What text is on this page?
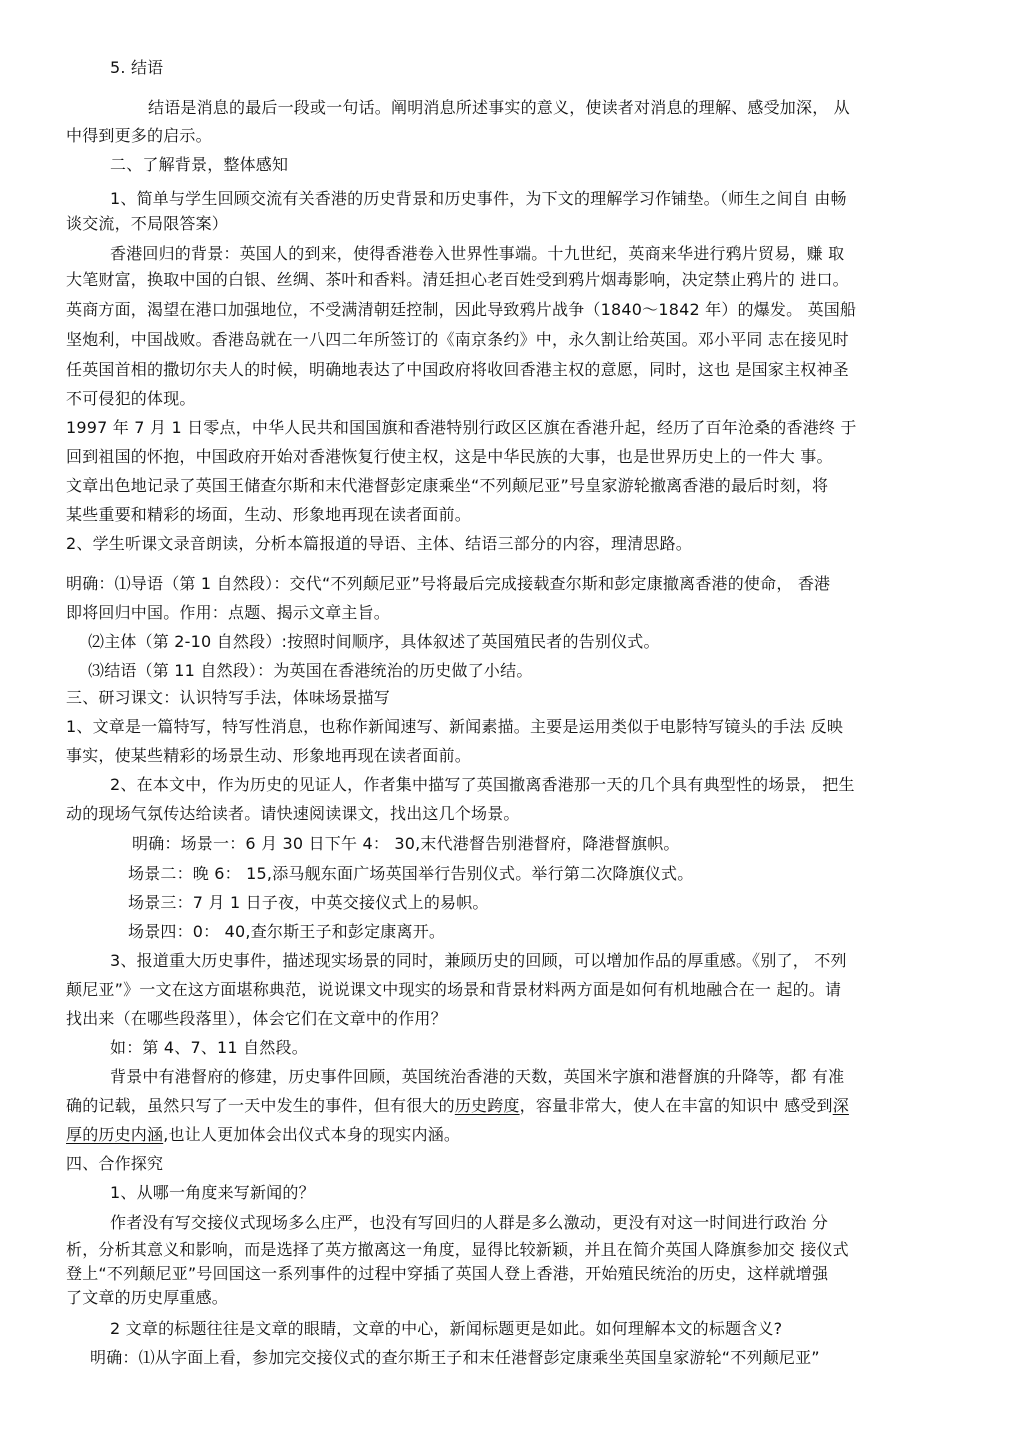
5. 结语
结语是消息的最后一段或一句话。阐明消息所述事实的意义，使读者对消息的理解、感受加深， 从
中得到更多的启示。
二、了解背景，整体感知
1、简单与学生回顾交流有关香港的历史背景和历史事件，为下文的理解学习作铺垫。（师生之间自 由畅
谈交流，不局限答案）
香港回归的背景：英国人的到来，使得香港卷入世界性事端。十九世纪，英商来华进行鸦片贸易，赚 取
大笔财富，换取中国的白银、丝绸、茶叶和香料。清廷担心老百姓受到鸦片烟毒影响，决定禁止鸦片的 进口。
英商方面，渴望在港口加强地位，不受满清朝廷控制，因此导致鸦片战争（1840～1842 年）的爆发。 英国船
坚炮利，中国战败。香港岛就在一八四二年所签订的《南京条约》中，永久割让给英国。邓小平同 志在接见时
任英国首相的撒切尔夫人的时候，明确地表达了中国政府将收回香港主权的意愿，同时，这也 是国家主权神圣
不可侵犯的体现。
1997 年 7 月 1 日零点，中华人民共和国国旗和香港特别行政区区旗在香港升起，经历了百年沧桑的香港终 于
回到祖国的怀抱，中国政府开始对香港恢复行使主权，这是中华民族的大事，也是世界历史上的一件大 事。
文章出色地记录了英国王储查尔斯和末代港督彭定康乘坐“不列颠尼亚”号皇家游轮撤离香港的最后时刻，将
某些重要和精彩的场面，生动、形象地再现在读者面前。
2、学生听课文录音朗读，分析本篇报道的导语、主体、结语三部分的内容，理清思路。
明确：⑴导语（第 1 自然段）：交代“不列颠尼亚”号将最后完成接载查尔斯和彭定康撤离香港的使命， 香港
即将回归中国。作用：点题、揭示文章主旨。
⑵主体（第 2-10 自然段）:按照时间顺序，具体叙述了英国殖民者的告别仪式。
⑶结语（第 11 自然段）：为英国在香港统治的历史做了小结。
三、研习课文：认识特写手法，体味场景描写
1、文章是一篇特写，特写性消息，也称作新闻速写、新闻素描。主要是运用类似于电影特写镜头的手法 反映
事实，使某些精彩的场景生动、形象地再现在读者面前。
2、在本文中，作为历史的见证人，作者集中描写了英国撤离香港那一天的几个具有典型性的场景， 把生
动的现场气氛传达给读者。请快速阅读课文，找出这几个场景。
明确：场景一：6 月 30 日下午 4： 30,末代港督告别港督府，降港督旗帜。
场景二：晚 6： 15,添马舰东面广场英国举行告别仪式。举行第二次降旗仪式。
场景三：7 月 1 日子夜，中英交接仪式上的易帜。
场景四：0： 40,查尔斯王子和彭定康离开。
3、报道重大历史事件，描述现实场景的同时，兼顾历史的回顾，可以增加作品的厚重感。《别了， 不列
颠尼亚”》一文在这方面堪称典范，说说课文中现实的场景和背景材料两方面是如何有机地融合在一 起的。请
找出来（在哪些段落里），体会它们在文章中的作用？
如：第 4、7、11 自然段。
背景中有港督府的修建，历史事件回顾，英国统治香港的天数，英国米字旗和港督旗的升降等，都 有准
确的记载，虽然只写了一天中发生的事件，但有很大的历史跨度，容量非常大，使人在丰富的知识中 感受到深
厚的历史内涵,也让人更加体会出仪式本身的现实内涵。
四、合作探究
1、从哪一角度来写新闻的？
作者没有写交接仪式现场多么庄严，也没有写回归的人群是多么激动，更没有对这一时间进行政治 分
析，分析其意义和影响，而是选择了英方撤离这一角度，显得比较新颖，并且在简介英国人降旗参加交 接仪式
登上“不列颠尼亚”号回国这一系列事件的过程中穿插了英国人登上香港，开始殖民统治的历史，这样就增强
了文章的历史厚重感。
2 文章的标题往往是文章的眼睛，文章的中心，新闻标题更是如此。如何理解本文的标题含义?
明确：⑴从字面上看，参加完交接仪式的查尔斯王子和末任港督彭定康乘坐英国皇家游轮“不列颠尼亚”
